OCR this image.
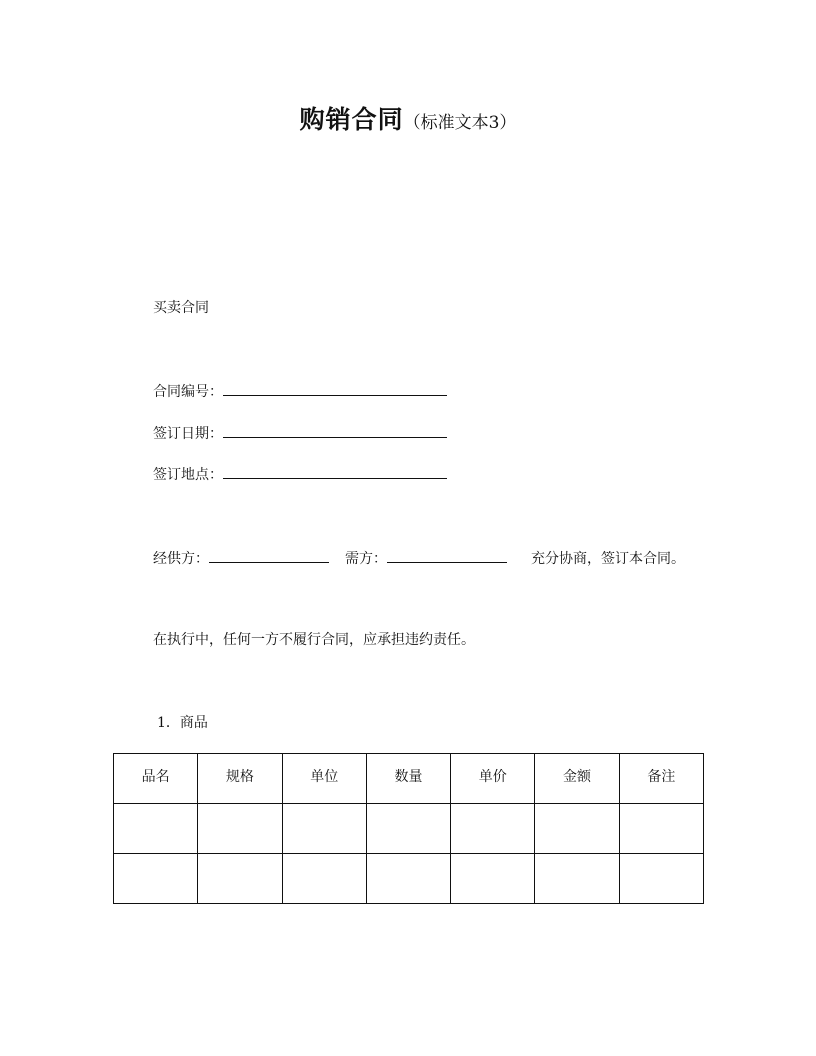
购销合同（标准文本3）
买卖合同
合同编号：
签订日期：
签订地点：
经供方：	需方：	充分协商，签订本合同。
在执行中，任何一方不履行合同，应承担违约责任。
1．商品
品名	规格	单位	数量	单价	金额	备注
